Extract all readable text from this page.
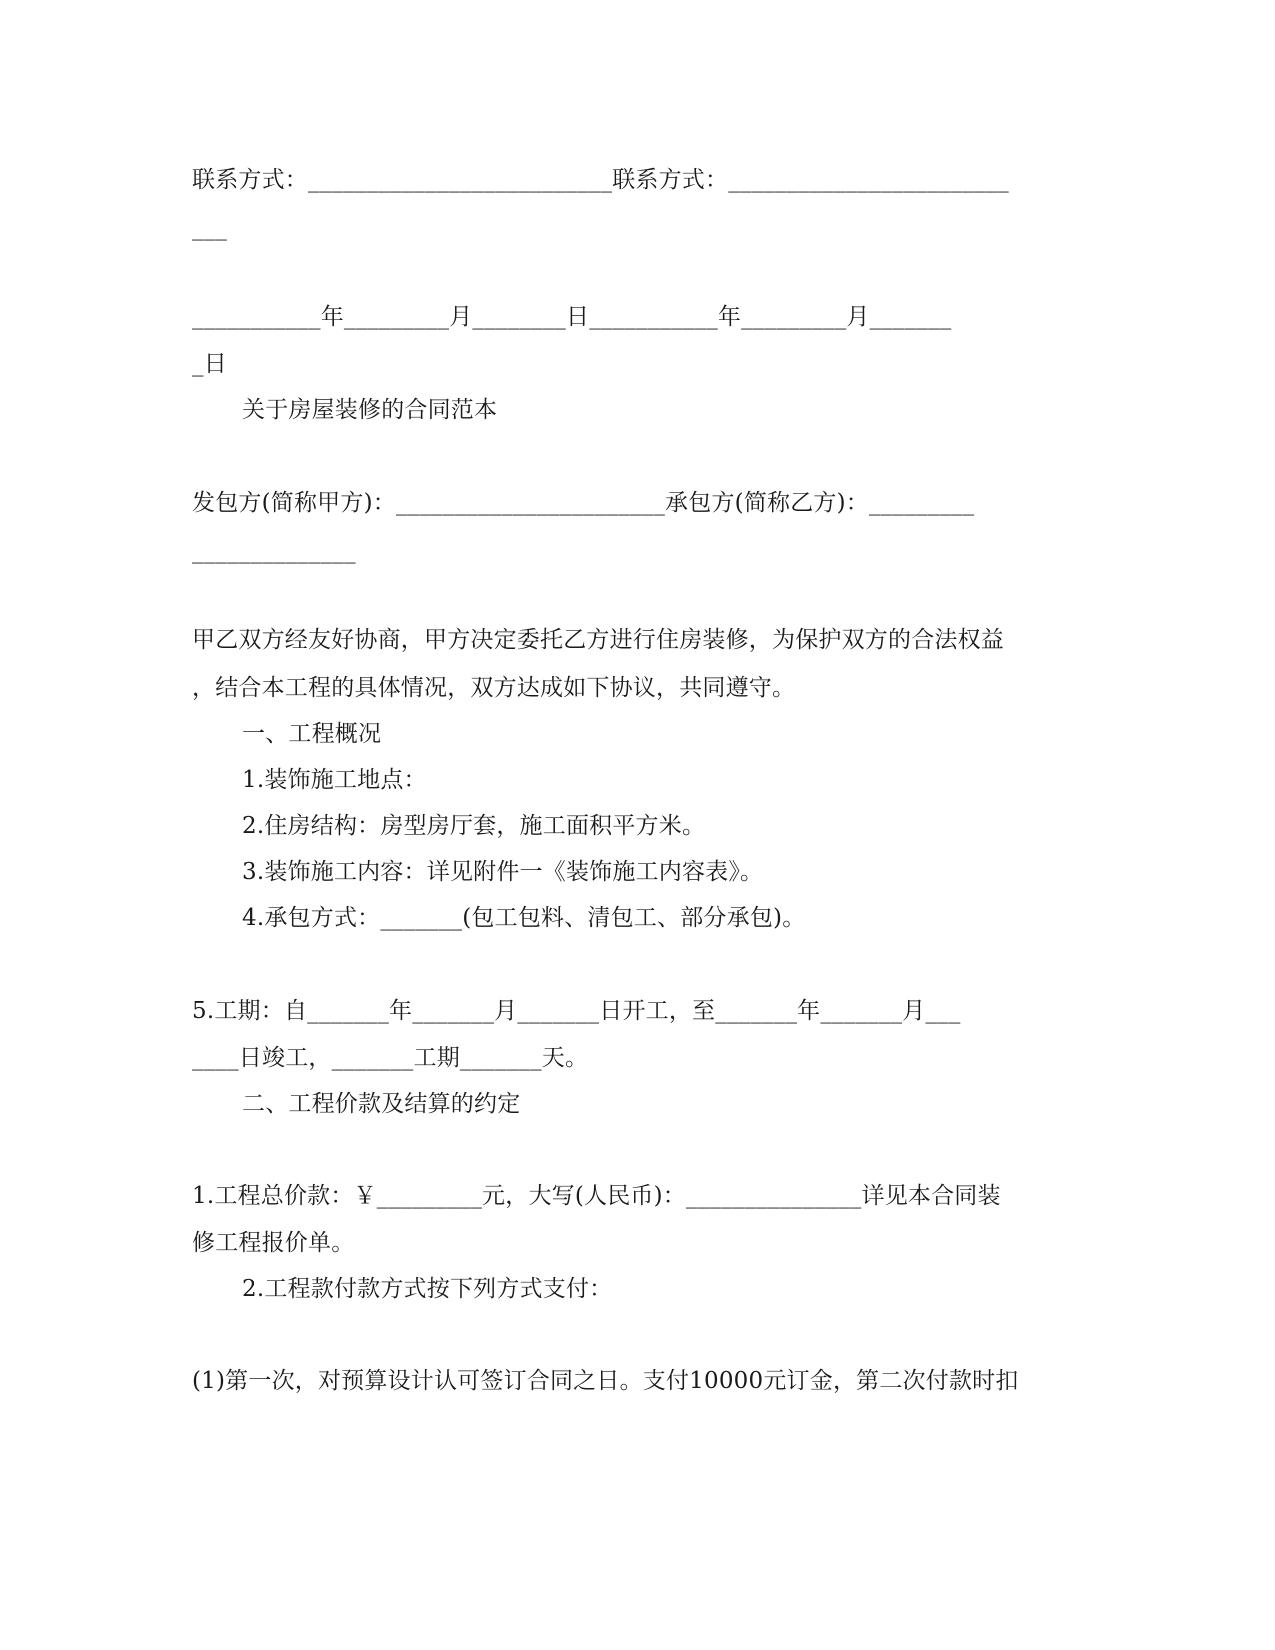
联系方式：__________________________联系方式：________________________
___
___________年_________月________日___________年_________月_______
_日
关于房屋装修的合同范本
发包方(简称甲方)：_______________________承包方(简称乙方)：_________
______________
甲乙双方经友好协商，甲方决定委托乙方进行住房装修，为保护双方的合法权益
，结合本工程的具体情况，双方达成如下协议，共同遵守。
一、工程概况
1.装饰施工地点：
2.住房结构：房型房厅套，施工面积平方米。
3.装饰施工内容：详见附件一《装饰施工内容表》。
4.承包方式：_______(包工包料、清包工、部分承包)。
5.工期：自_______年_______月_______日开工，至_______年_______月___
____日竣工，_______工期_______天。
二、工程价款及结算的约定
1.工程总价款：￥_________元，大写(人民币)：_______________详见本合同装
修工程报价单。
2.工程款付款方式按下列方式支付：
(1)第一次，对预算设计认可签订合同之日。支付10000元订金，第二次付款时扣
